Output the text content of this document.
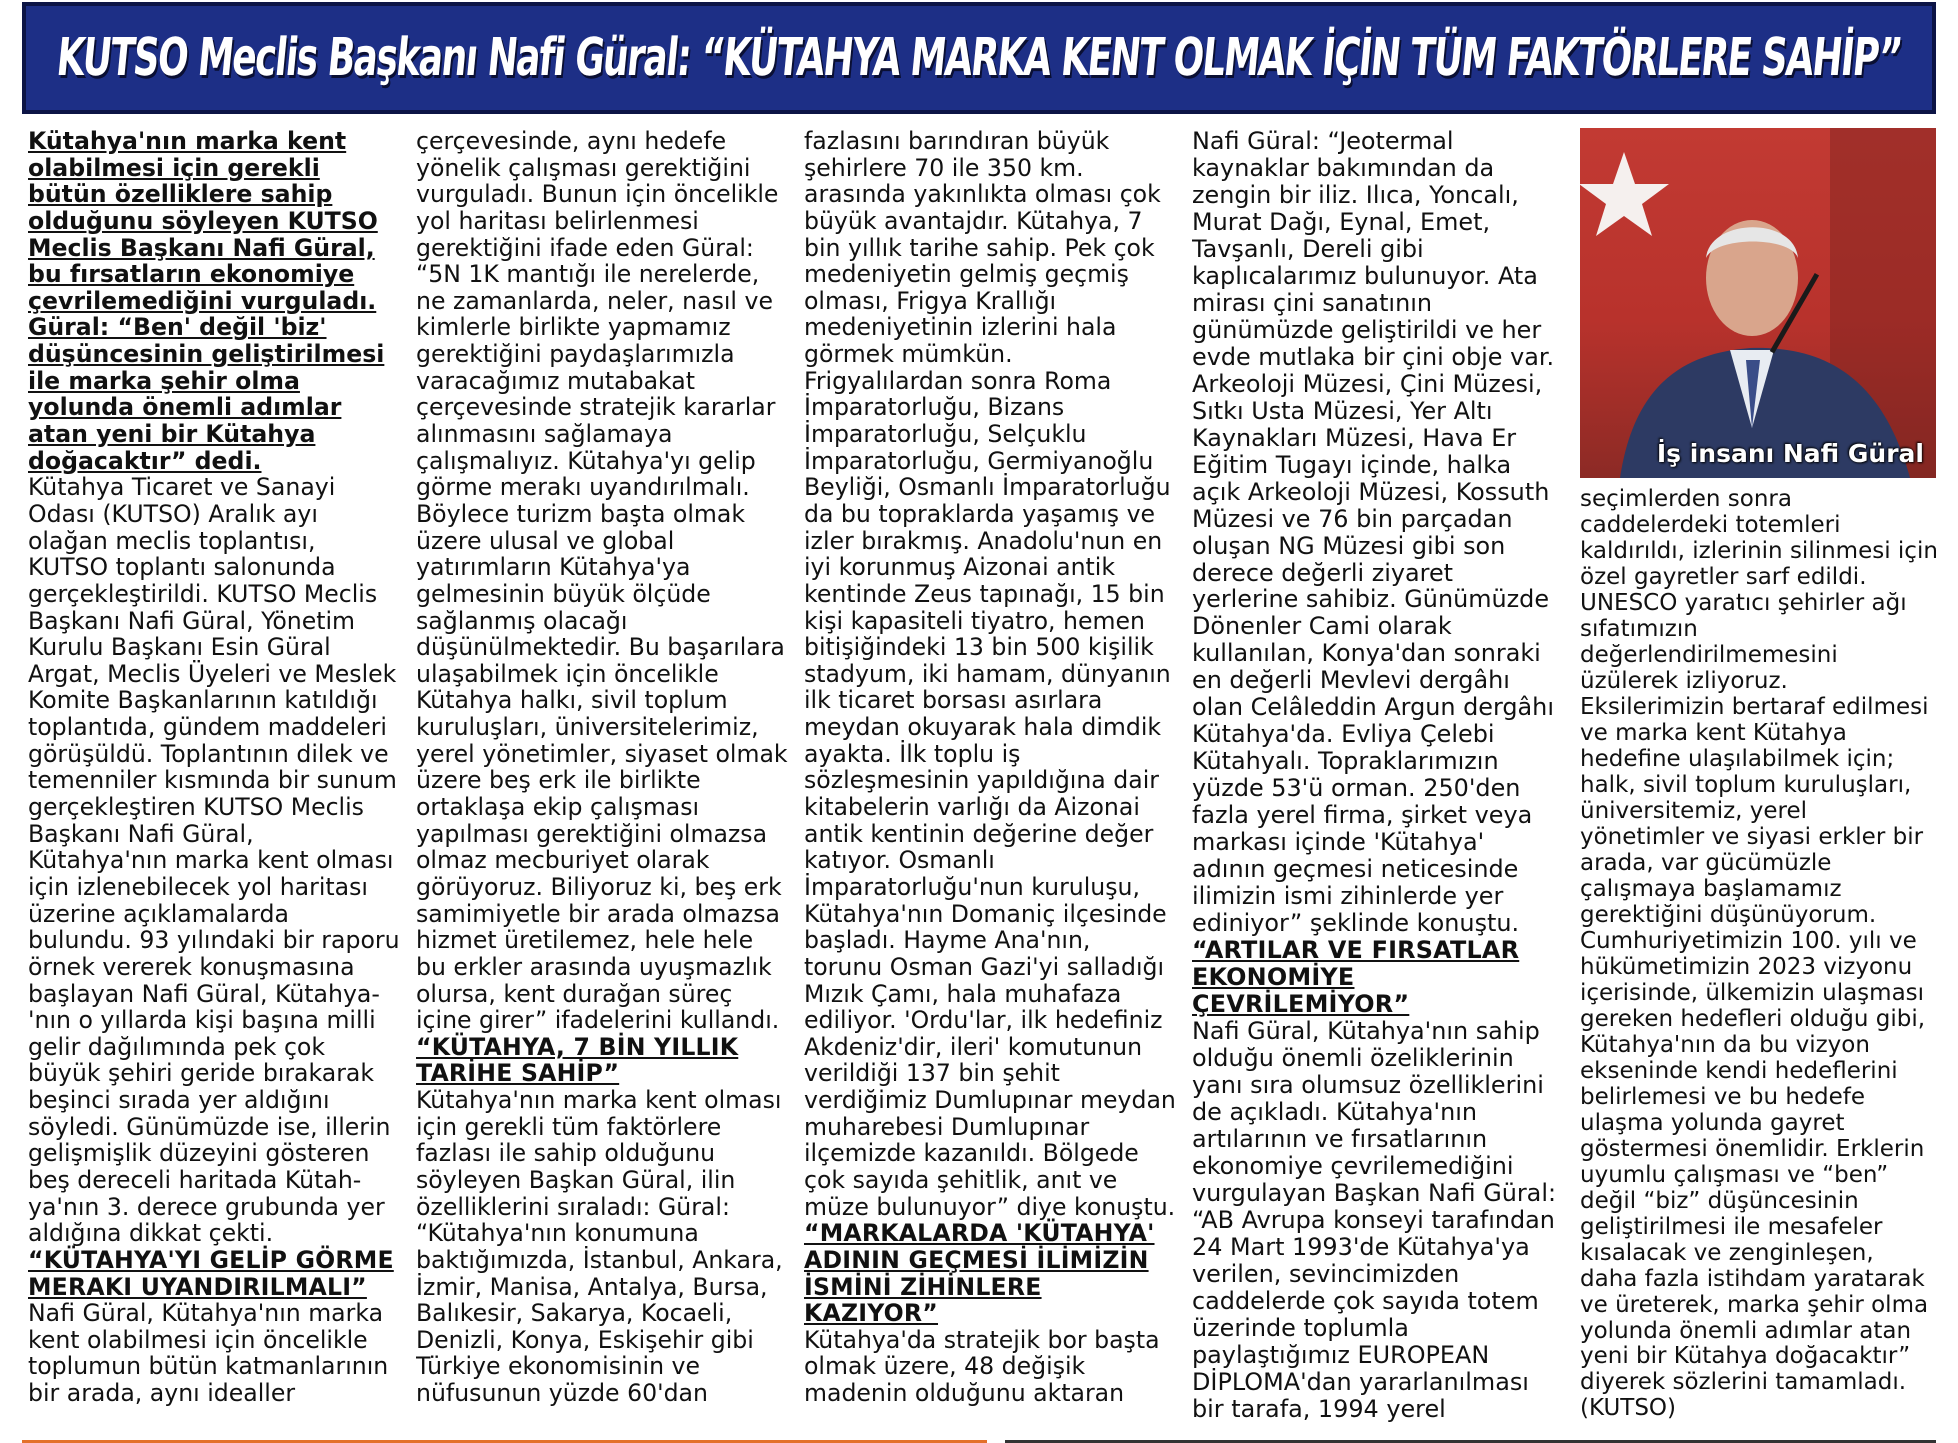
KUTSO Meclis Başkanı Nafi Güral: “KÜTAHYA MARKA KENT OLMAK İÇİN TÜM FAKTÖRLERE SAHİP”

Kütahya'nın marka kent olabilmesi için gerekli bütün özelliklere sahip olduğunu söyleyen KUTSO Meclis Başkanı Nafi Güral, bu fırsatların ekonomiye çevrilemediğini vurguladı. Güral: “Ben' değil 'biz' düşüncesinin geliştirilmesi ile marka şehir olma yolunda önemli adımlar atan yeni bir Kütahya doğacaktır” dedi.

Kütahya Ticaret ve Sanayi Odası (KUTSO) Aralık ayı olağan meclis toplantısı, KUTSO toplantı salonunda gerçekleştirildi. KUTSO Meclis Başkanı Nafi Güral, Yönetim Kurulu Başkanı Esin Güral Argat, Meclis Üyeleri ve Meslek Komite Başkanlarının katıldığı toplantıda, gündem maddeleri görüşüldü. Toplantının dilek ve temenniler kısmında bir sunum gerçekleştiren KUTSO Meclis Başkanı Nafi Güral, Kütahya'nın marka kent olması için izlenebilecek yol haritası üzerine açıklamalarda bulundu. 93 yılındaki bir raporu örnek vererek konuşmasına başlayan Nafi Güral, Kütahya-'nın o yıllarda kişi başına milli gelir dağılımında pek çok büyük şehiri geride bırakarak beşinci sırada yer aldığını söyledi. Günümüzde ise, illerin gelişmişlik düzeyini gösteren beş dereceli haritada Kütah-ya'nın 3. derece grubunda yer aldığına dikkat çekti.

“KÜTAHYA'YI GELİP GÖRME MERAKI UYANDIRILMALI”

Nafi Güral, Kütahya'nın marka kent olabilmesi için öncelikle toplumun bütün katmanlarının bir arada, aynı idealler

çerçevesinde, aynı hedefe yönelik çalışması gerektiğini vurguladı. Bunun için öncelikle yol haritası belirlenmesi gerektiğini ifade eden Güral: “5N 1K mantığı ile nerelerde, ne zamanlarda, neler, nasıl ve kimlerle birlikte yapmamız gerektiğini paydaşlarımızla varacağımız mutabakat çerçevesinde stratejik kararlar alınmasını sağlamaya çalışmalıyız. Kütahya'yı gelip görme merakı uyandırılmalı. Böylece turizm başta olmak üzere ulusal ve global yatırımların Kütahya'ya gelmesinin büyük ölçüde sağlanmış olacağı düşünülmektedir. Bu başarılara ulaşabilmek için öncelikle Kütahya halkı, sivil toplum kuruluşları, üniversitelerimiz, yerel yönetimler, siyaset olmak üzere beş erk ile birlikte ortaklaşa ekip çalışması yapılması gerektiğini olmazsa olmaz mecburiyet olarak görüyoruz. Biliyoruz ki, beş erk samimiyetle bir arada olmazsa hizmet üretilemez, hele hele bu erkler arasında uyuşmazlık olursa, kent durağan süreç içine girer” ifadelerini kullandı.

“KÜTAHYA, 7 BİN YILLIK TARİHE SAHİP”

Kütahya'nın marka kent olması için gerekli tüm faktörlere fazlası ile sahip olduğunu söyleyen Başkan Güral, ilin özelliklerini sıraladı: Güral: “Kütahya'nın konumuna baktığımızda, İstanbul, Ankara, İzmir, Manisa, Antalya, Bursa, Balıkesir, Sakarya, Kocaeli, Denizli, Konya, Eskişehir gibi Türkiye ekonomisinin ve nüfusunun yüzde 60'dan

fazlasını barındıran büyük şehirlere 70 ile 350 km. arasında yakınlıkta olması çok büyük avantajdır. Kütahya, 7 bin yıllık tarihe sahip. Pek çok medeniyetin gelmiş geçmiş olması, Frigya Krallığı medeniyetinin izlerini hala görmek mümkün. Frigyalılardan sonra Roma İmparatorluğu, Bizans İmparatorluğu, Selçuklu İmparatorluğu, Germiyanoğlu Beyliği, Osmanlı İmparatorluğu da bu topraklarda yaşamış ve izler bırakmış. Anadolu'nun en iyi korunmuş Aizonai antik kentinde Zeus tapınağı, 15 bin kişi kapasiteli tiyatro, hemen bitişiğindeki 13 bin 500 kişilik stadyum, iki hamam, dünyanın ilk ticaret borsası asırlara meydan okuyarak hala dimdik ayakta. İlk toplu iş sözleşmesinin yapıldığına dair kitabelerin varlığı da Aizonai antik kentinin değerine değer katıyor. Osmanlı İmparatorluğu'nun kuruluşu, Kütahya'nın Domaniç ilçesinde başladı. Hayme Ana'nın, torunu Osman Gazi'yi salladığı Mızık Çamı, hala muhafaza ediliyor. 'Ordu'lar, ilk hedefiniz Akdeniz'dir, ileri' komutunun verildiği 137 bin şehit verdiğimiz Dumlupınar meydan muharebesi Dumlupınar ilçemizde kazanıldı. Bölgede çok sayıda şehitlik, anıt ve müze bulunuyor” diye konuştu.

“MARKALARDA 'KÜTAHYA' ADININ GEÇMESİ İLİMİZİN İSMİNİ ZİHİNLERE KAZIYOR”

Kütahya'da stratejik bor başta olmak üzere, 48 değişik madenin olduğunu aktaran

Nafi Güral: “Jeotermal kaynaklar bakımından da zengin bir iliz. Ilıca, Yoncalı, Murat Dağı, Eynal, Emet, Tavşanlı, Dereli gibi kaplıcalarımız bulunuyor. Ata mirası çini sanatının günümüzde geliştirildi ve her evde mutlaka bir çini obje var. Arkeoloji Müzesi, Çini Müzesi, Sıtkı Usta Müzesi, Yer Altı Kaynakları Müzesi, Hava Er Eğitim Tugayı içinde, halka açık Arkeoloji Müzesi, Kossuth Müzesi ve 76 bin parçadan oluşan NG Müzesi gibi son derece değerli ziyaret yerlerine sahibiz. Günümüzde Dönenler Cami olarak kullanılan, Konya'dan sonraki en değerli Mevlevi dergâhı olan Celâleddin Argun dergâhı Kütahya'da. Evliya Çelebi Kütahyalı. Topraklarımızın yüzde 53'ü orman. 250'den fazla yerel firma, şirket veya markası içinde 'Kütahya' adının geçmesi neticesinde ilimizin ismi zihinlerde yer ediniyor” şeklinde konuştu.

“ARTILAR VE FIRSATLAR EKONOMİYE ÇEVRİLEMİYOR”

Nafi Güral, Kütahya'nın sahip olduğu önemli özeliklerinin yanı sıra olumsuz özelliklerini de açıkladı. Kütahya'nın artılarının ve fırsatlarının ekonomiye çevrilemediğini vurgulayan Başkan Nafi Güral: “AB Avrupa konseyi tarafından 24 Mart 1993'de Kütahya'ya verilen, sevincimizden caddelerde çok sayıda totem üzerinde toplumla paylaştığımız EUROPEAN DİPLOMA'dan yararlanılması bir tarafa, 1994 yerel

İş insanı Nafi Güral

seçimlerden sonra caddelerdeki totemleri kaldırıldı, izlerinin silinmesi için özel gayretler sarf edildi. UNESCO yaratıcı şehirler ağı sıfatımızın değerlendirilmemesini üzülerek izliyoruz. Eksilerimizin bertaraf edilmesi ve marka kent Kütahya hedefine ulaşılabilmek için; halk, sivil toplum kuruluşları, üniversitemiz, yerel yönetimler ve siyasi erkler bir arada, var gücümüzle çalışmaya başlamamız gerektiğini düşünüyorum. Cumhuriyetimizin 100. yılı ve hükümetimizin 2023 vizyonu içerisinde, ülkemizin ulaşması gereken hedefleri olduğu gibi, Kütahya'nın da bu vizyon ekseninde kendi hedeflerini belirlemesi ve bu hedefe ulaşma yolunda gayret göstermesi önemlidir. Erklerin uyumlu çalışması ve “ben” değil “biz” düşüncesinin geliştirilmesi ile mesafeler kısalacak ve zenginleşen, daha fazla istihdam yaratarak ve üreterek, marka şehir olma yolunda önemli adımlar atan yeni bir Kütahya doğacaktır” diyerek sözlerini tamamladı. (KUTSO)
